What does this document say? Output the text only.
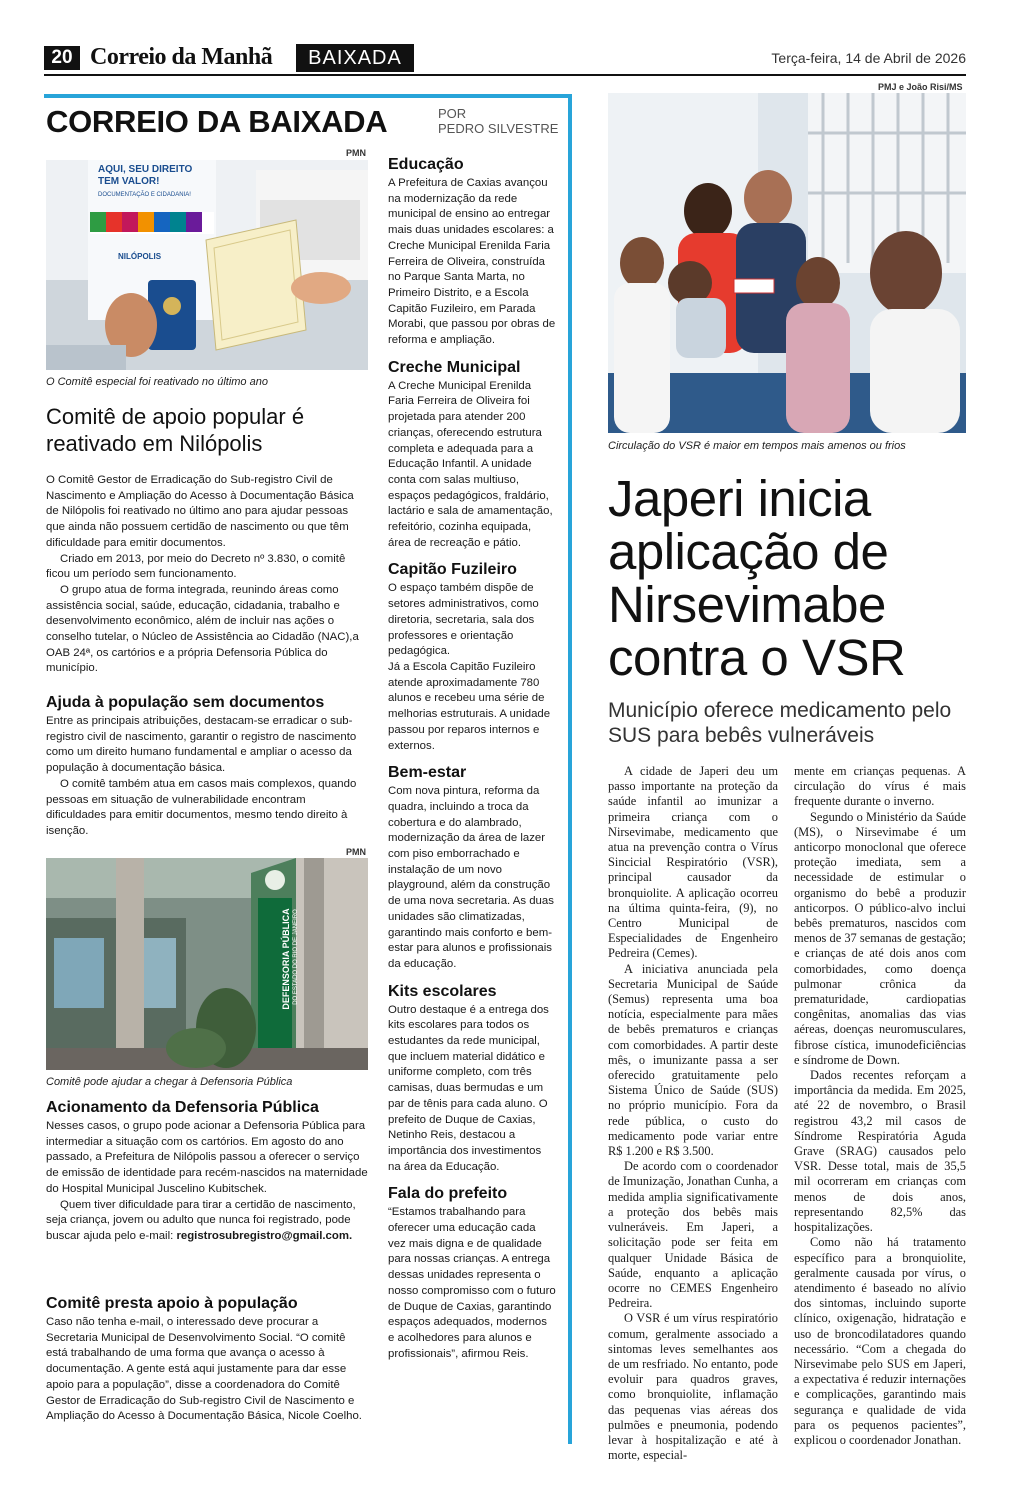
20 Correio da Manhã	BAIXADA	Terça-feira, 14 de Abril de 2026
CORREIO DA BAIXADA	POR
PEDRO SILVESTRE
PMN
AQUI, SEU DIREITO TEM VALOR!
DOCUMENTAÇÃO E CIDADANIA!
NILÓPOLIS
O Comitê especial foi reativado no último ano
Comitê de apoio popular é reativado em Nilópolis

O Comitê Gestor de Erradicação do Sub-registro Civil de Nascimento e Ampliação do Acesso à Documentação Básica de Nilópolis foi reativado no último ano para ajudar pessoas que ainda não possuem certidão de nascimento ou que têm dificuldade para emitir documentos.

Criado em 2013, por meio do Decreto nº 3.830, o comitê ficou um período sem funcionamento.

O grupo atua de forma integrada, reunindo áreas como assistência social, saúde, educação, cidadania, trabalho e desenvolvimento econômico, além de incluir nas ações o conselho tutelar, o Núcleo de Assistência ao Cidadão (NAC),a OAB 24ª, os cartórios e a própria Defensoria Pública do município.

Ajuda à população sem documentos

Entre as principais atribuições, destacam-se erradicar o sub-registro civil de nascimento, garantir o registro de nascimento como um direito humano fundamental e ampliar o acesso da população à documentação básica.

O comitê também atua em casos mais complexos, quando pessoas em situação de vulnerabilidade encontram dificuldades para emitir documentos, mesmo tendo direito à isenção.

PMN
DEFENSORIA PÚBLICA DO ESTADO DO RIO DE JANEIRO
Comitê pode ajudar a chegar à Defensoria Pública
Acionamento da Defensoria Pública

Nesses casos, o grupo pode acionar a Defensoria Pública para intermediar a situação com os cartórios. Em agosto do ano passado, a Prefeitura de Nilópolis passou a oferecer o serviço de emissão de identidade para recém-nascidos na maternidade do Hospital Municipal Juscelino Kubitschek.

Quem tiver dificuldade para tirar a certidão de nascimento, seja criança, jovem ou adulto que nunca foi registrado, pode buscar ajuda pelo e-mail: registrosubregistro@gmail.com.

Comitê presta apoio à população

Caso não tenha e-mail, o interessado deve procurar a Secretaria Municipal de Desenvolvimento Social. “O comitê está trabalhando de uma forma que avança o acesso à documentação. A gente está aqui justamente para dar esse apoio para a população”, disse a coordenadora do Comitê Gestor de Erradicação do Sub-registro Civil de Nascimento e Ampliação do Acesso à Documentação Básica, Nicole Coelho.

Educação
A Prefeitura de Caxias avançou na modernização da rede municipal de ensino ao entregar mais duas unidades escolares: a Creche Municipal Erenilda Faria Ferreira de Oliveira, construída no Parque Santa Marta, no Primeiro Distrito, e a Escola Capitão Fuzileiro, em Parada Morabi, que passou por obras de reforma e ampliação.
Creche Municipal
A Creche Municipal Erenilda Faria Ferreira de Oliveira foi projetada para atender 200 crianças, oferecendo estrutura completa e adequada para a Educação Infantil. A unidade conta com salas multiuso, espaços pedagógicos, fraldário, lactário e sala de amamentação, refeitório, cozinha equipada, área de recreação e pátio.
Capitão Fuzileiro
O espaço também dispõe de setores administrativos, como diretoria, secretaria, sala dos professores e orientação pedagógica.
Já a Escola Capitão Fuzileiro atende aproximadamente 780 alunos e recebeu uma série de melhorias estruturais. A unidade passou por reparos internos e externos.
Bem-estar
Com nova pintura, reforma da quadra, incluindo a troca da cobertura e do alambrado, modernização da área de lazer com piso emborrachado e instalação de um novo playground, além da construção de uma nova secretaria. As duas unidades são climatizadas, garantindo mais conforto e bem-estar para alunos e profissionais da educação.
Kits escolares
Outro destaque é a entrega dos kits escolares para todos os estudantes da rede municipal, que incluem material didático e uniforme completo, com três camisas, duas bermudas e um par de tênis para cada aluno. O prefeito de Duque de Caxias, Netinho Reis, destacou a importância dos investimentos na área da Educação.
Fala do prefeito
“Estamos trabalhando para oferecer uma educação cada vez mais digna e de qualidade para nossas crianças. A entrega dessas unidades representa o nosso compromisso com o futuro de Duque de Caxias, garantindo espaços adequados, modernos e acolhedores para alunos e profissionais”, afirmou Reis.
PMJ e João Risi/MS
Circulação do VSR é maior em tempos mais amenos ou frios
Japeri inicia aplicação de Nirsevimabe contra o VSR
Município oferece medicamento pelo SUS para bebês vulneráveis

A cidade de Japeri deu um passo importante na proteção da saúde infantil ao imunizar a primeira criança com o Nirsevimabe, medicamento que atua na prevenção contra o Vírus Sincicial Respiratório (VSR), principal causador da bronquiolite. A aplicação ocorreu na última quinta-feira, (9), no Centro Municipal de Especialidades de Engenheiro Pedreira (Cemes).

A iniciativa anunciada pela Secretaria Municipal de Saúde (Semus) representa uma boa notícia, especialmente para mães de bebês prematuros e crianças com comorbidades. A partir deste mês, o imunizante passa a ser oferecido gratuitamente pelo Sistema Único de Saúde (SUS) no próprio município. Fora da rede pública, o custo do medicamento pode variar entre R$ 1.200 e R$ 3.500.

De acordo com o coordenador de Imunização, Jonathan Cunha, a medida amplia significativamente a proteção dos bebês mais vulneráveis. Em Japeri, a solicitação pode ser feita em qualquer Unidade Básica de Saúde, enquanto a aplicação ocorre no CEMES Engenheiro Pedreira.

O VSR é um vírus respiratório comum, geralmente associado a sintomas leves semelhantes aos de um resfriado. No entanto, pode evoluir para quadros graves, como bronquiolite, inflamação das pequenas vias aéreas dos pulmões e pneumonia, podendo levar à hospitalização e até à morte, especial-

mente em crianças pequenas. A circulação do vírus é mais frequente durante o inverno.

Segundo o Ministério da Saúde (MS), o Nirsevimabe é um anticorpo monoclonal que oferece proteção imediata, sem a necessidade de estimular o organismo do bebê a produzir anticorpos. O público-alvo inclui bebês prematuros, nascidos com menos de 37 semanas de gestação; e crianças de até dois anos com comorbidades, como doença pulmonar crônica da prematuridade, cardiopatias congênitas, anomalias das vias aéreas, doenças neuromusculares, fibrose cística, imunodeficiências e síndrome de Down.

Dados recentes reforçam a importância da medida. Em 2025, até 22 de novembro, o Brasil registrou 43,2 mil casos de Síndrome Respiratória Aguda Grave (SRAG) causados pelo VSR. Desse total, mais de 35,5 mil ocorreram em crianças com menos de dois anos, representando 82,5% das hospitalizações.

Como não há tratamento específico para a bronquiolite, geralmente causada por vírus, o atendimento é baseado no alívio dos sintomas, incluindo suporte clínico, oxigenação, hidratação e uso de broncodilatadores quando necessário. “Com a chegada do Nirsevimabe pelo SUS em Japeri, a expectativa é reduzir internações e complicações, garantindo mais segurança e qualidade de vida para os pequenos pacientes”, explicou o coordenador Jonathan.
